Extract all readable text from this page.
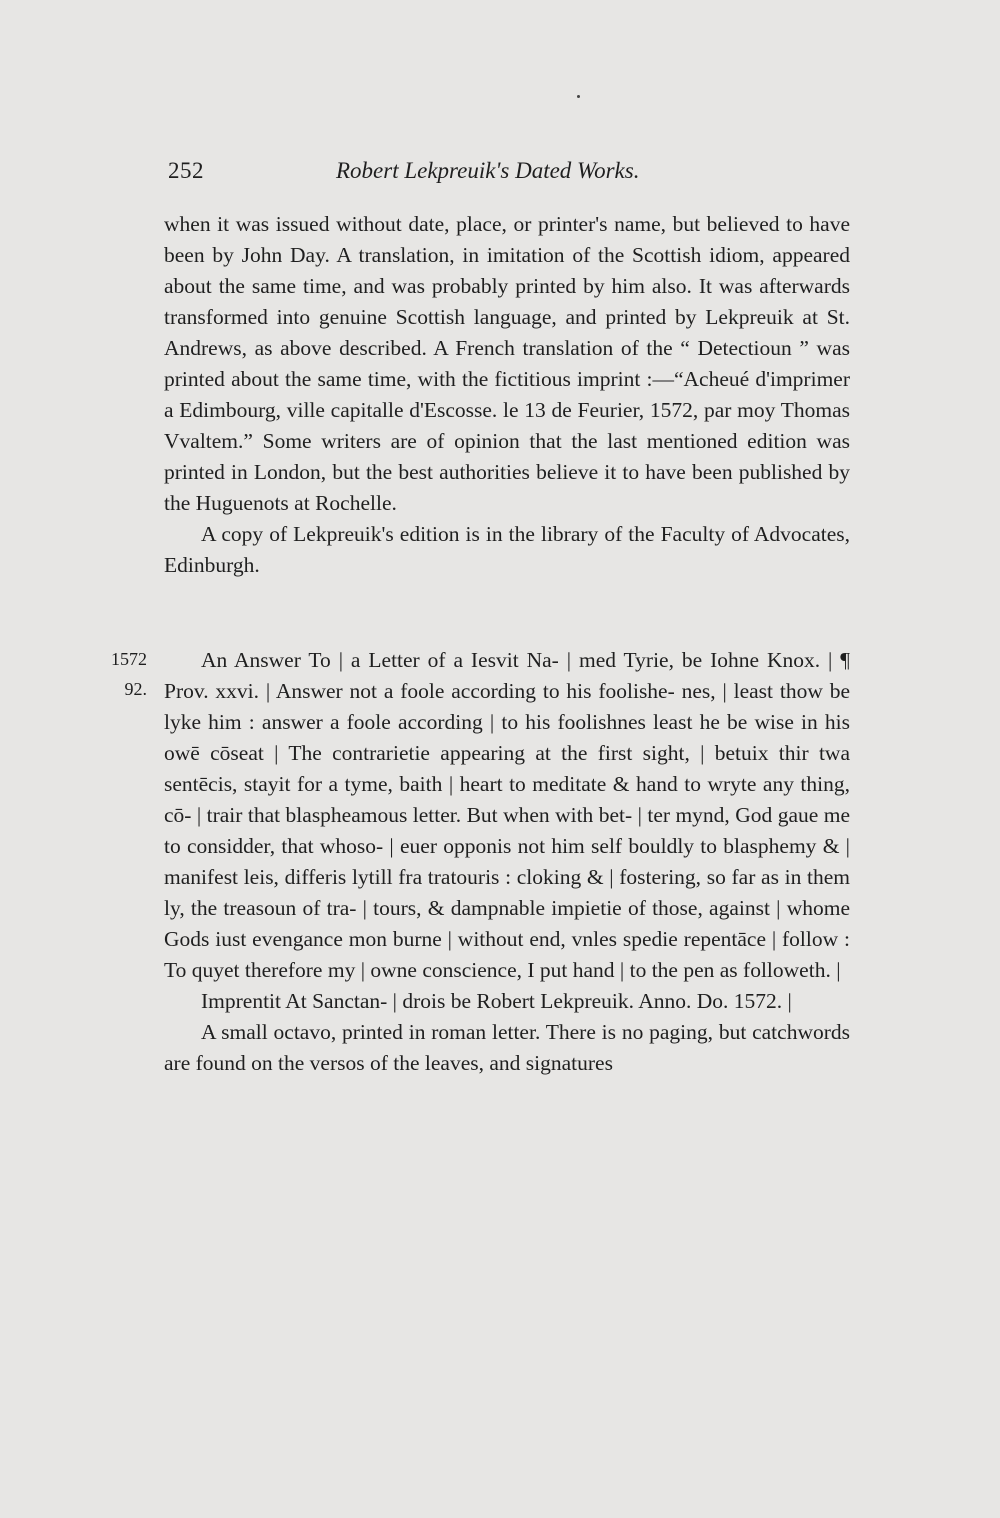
252	Robert Lekpreuik's Dated Works.

when it was issued without date, place, or printer's name, but believed to have been by John Day. A translation, in imitation of the Scottish idiom, appeared about the same time, and was probably printed by him also. It was afterwards transformed into genuine Scottish language, and printed by Lekpreuik at St. Andrews, as above described. A French translation of the “ Detectioun ” was printed about the same time, with the fictitious imprint :—“Acheué d'imprimer a Edimbourg, ville capitalle d'Escosse. le 13 de Feurier, 1572, par moy Thomas Vvaltem.” Some writers are of opinion that the last mentioned edition was printed in London, but the best authorities believe it to have been published by the Huguenots at Rochelle.

A copy of Lekpreuik's edition is in the library of the Faculty of Advocates, Edinburgh.

1572
92.

An Answer To | a Letter of a Iesvit Na- | med Tyrie, be Iohne Knox. | ¶ Prov. xxvi. | Answer not a foole according to his foolishe- nes, | least thow be lyke him : answer a foole according | to his foolishnes least he be wise in his owē cōseat | The contrarietie appearing at the first sight, | betuix thir twa sentēcis, stayit for a tyme, baith | heart to meditate & hand to wryte any thing, cō- | trair that blaspheamous letter. But when with bet- | ter mynd, God gaue me to considder, that whoso- | euer opponis not him self bouldly to blasphemy & | manifest leis, differis lytill fra tratouris : cloking & | fostering, so far as in them ly, the treasoun of tra- | tours, & dampnable impietie of those, against | whome Gods iust evengance mon burne | without end, vnles spedie repentāce | follow : To quyet therefore my | owne conscience, I put hand | to the pen as followeth. |

Imprentit At Sanctan- | drois be Robert Lekpreuik. Anno. Do. 1572. |

A small octavo, printed in roman letter. There is no paging, but catchwords are found on the versos of the leaves, and signatures
